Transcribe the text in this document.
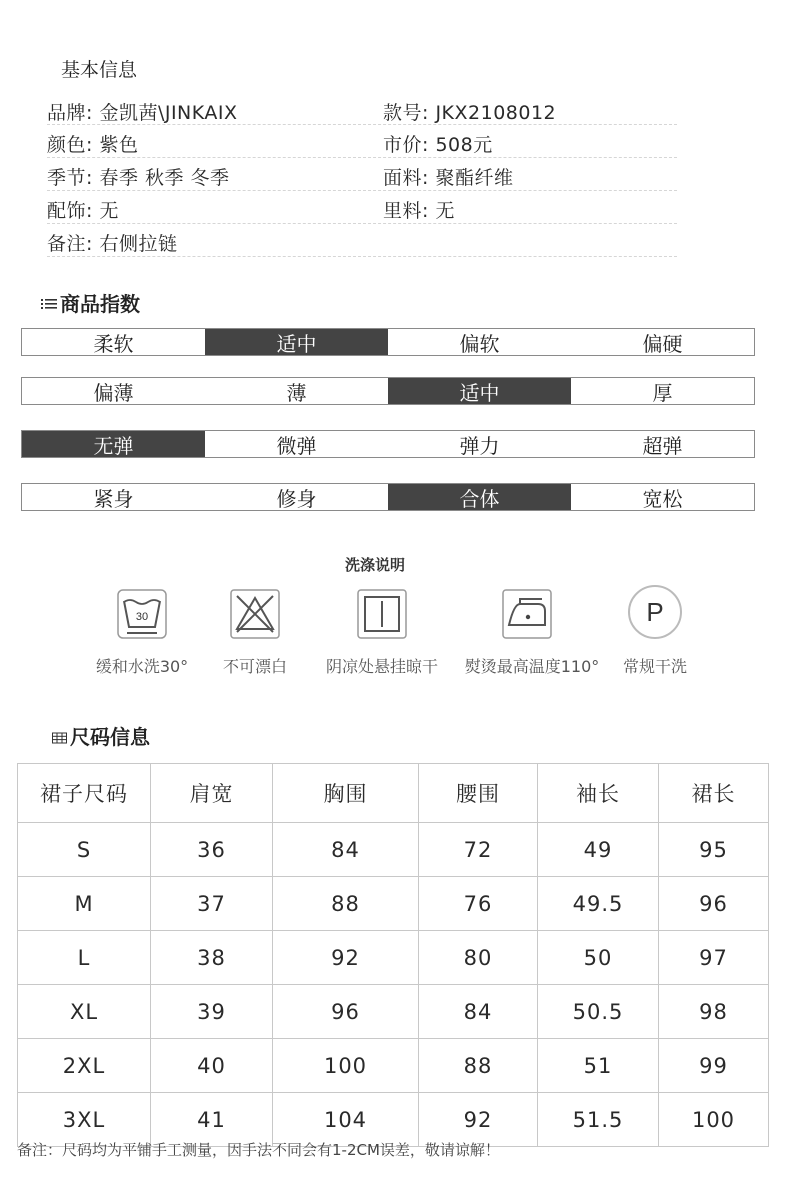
基本信息
品牌: 金凯茜\JINKAIX	款号: JKX2108012
颜色: 紫色	市价: 508元
季节: 春季 秋季 冬季	面料: 聚酯纤维
配饰: 无	里料: 无
备注: 右侧拉链
商品指数
柔软	适中	偏软	偏硬
偏薄	薄	适中	厚
无弹	微弹	弹力	超弹
紧身	修身	合体	宽松
洗涤说明
30
缓和水洗30°	不可漂白	阴凉处悬挂晾干	熨烫最高温度110°
P
常规干洗
尺码信息
裙子尺码	肩宽	胸围	腰围	袖长	裙长
S	36	84	72	49	95
M	37	88	76	49.5	96
L	38	92	80	50	97
XL	39	96	84	50.5	98
2XL	40	100	88	51	99
3XL	41	104	92	51.5	100
备注：尺码均为平铺手工测量，因手法不同会有1-2CM误差，敬请谅解！
